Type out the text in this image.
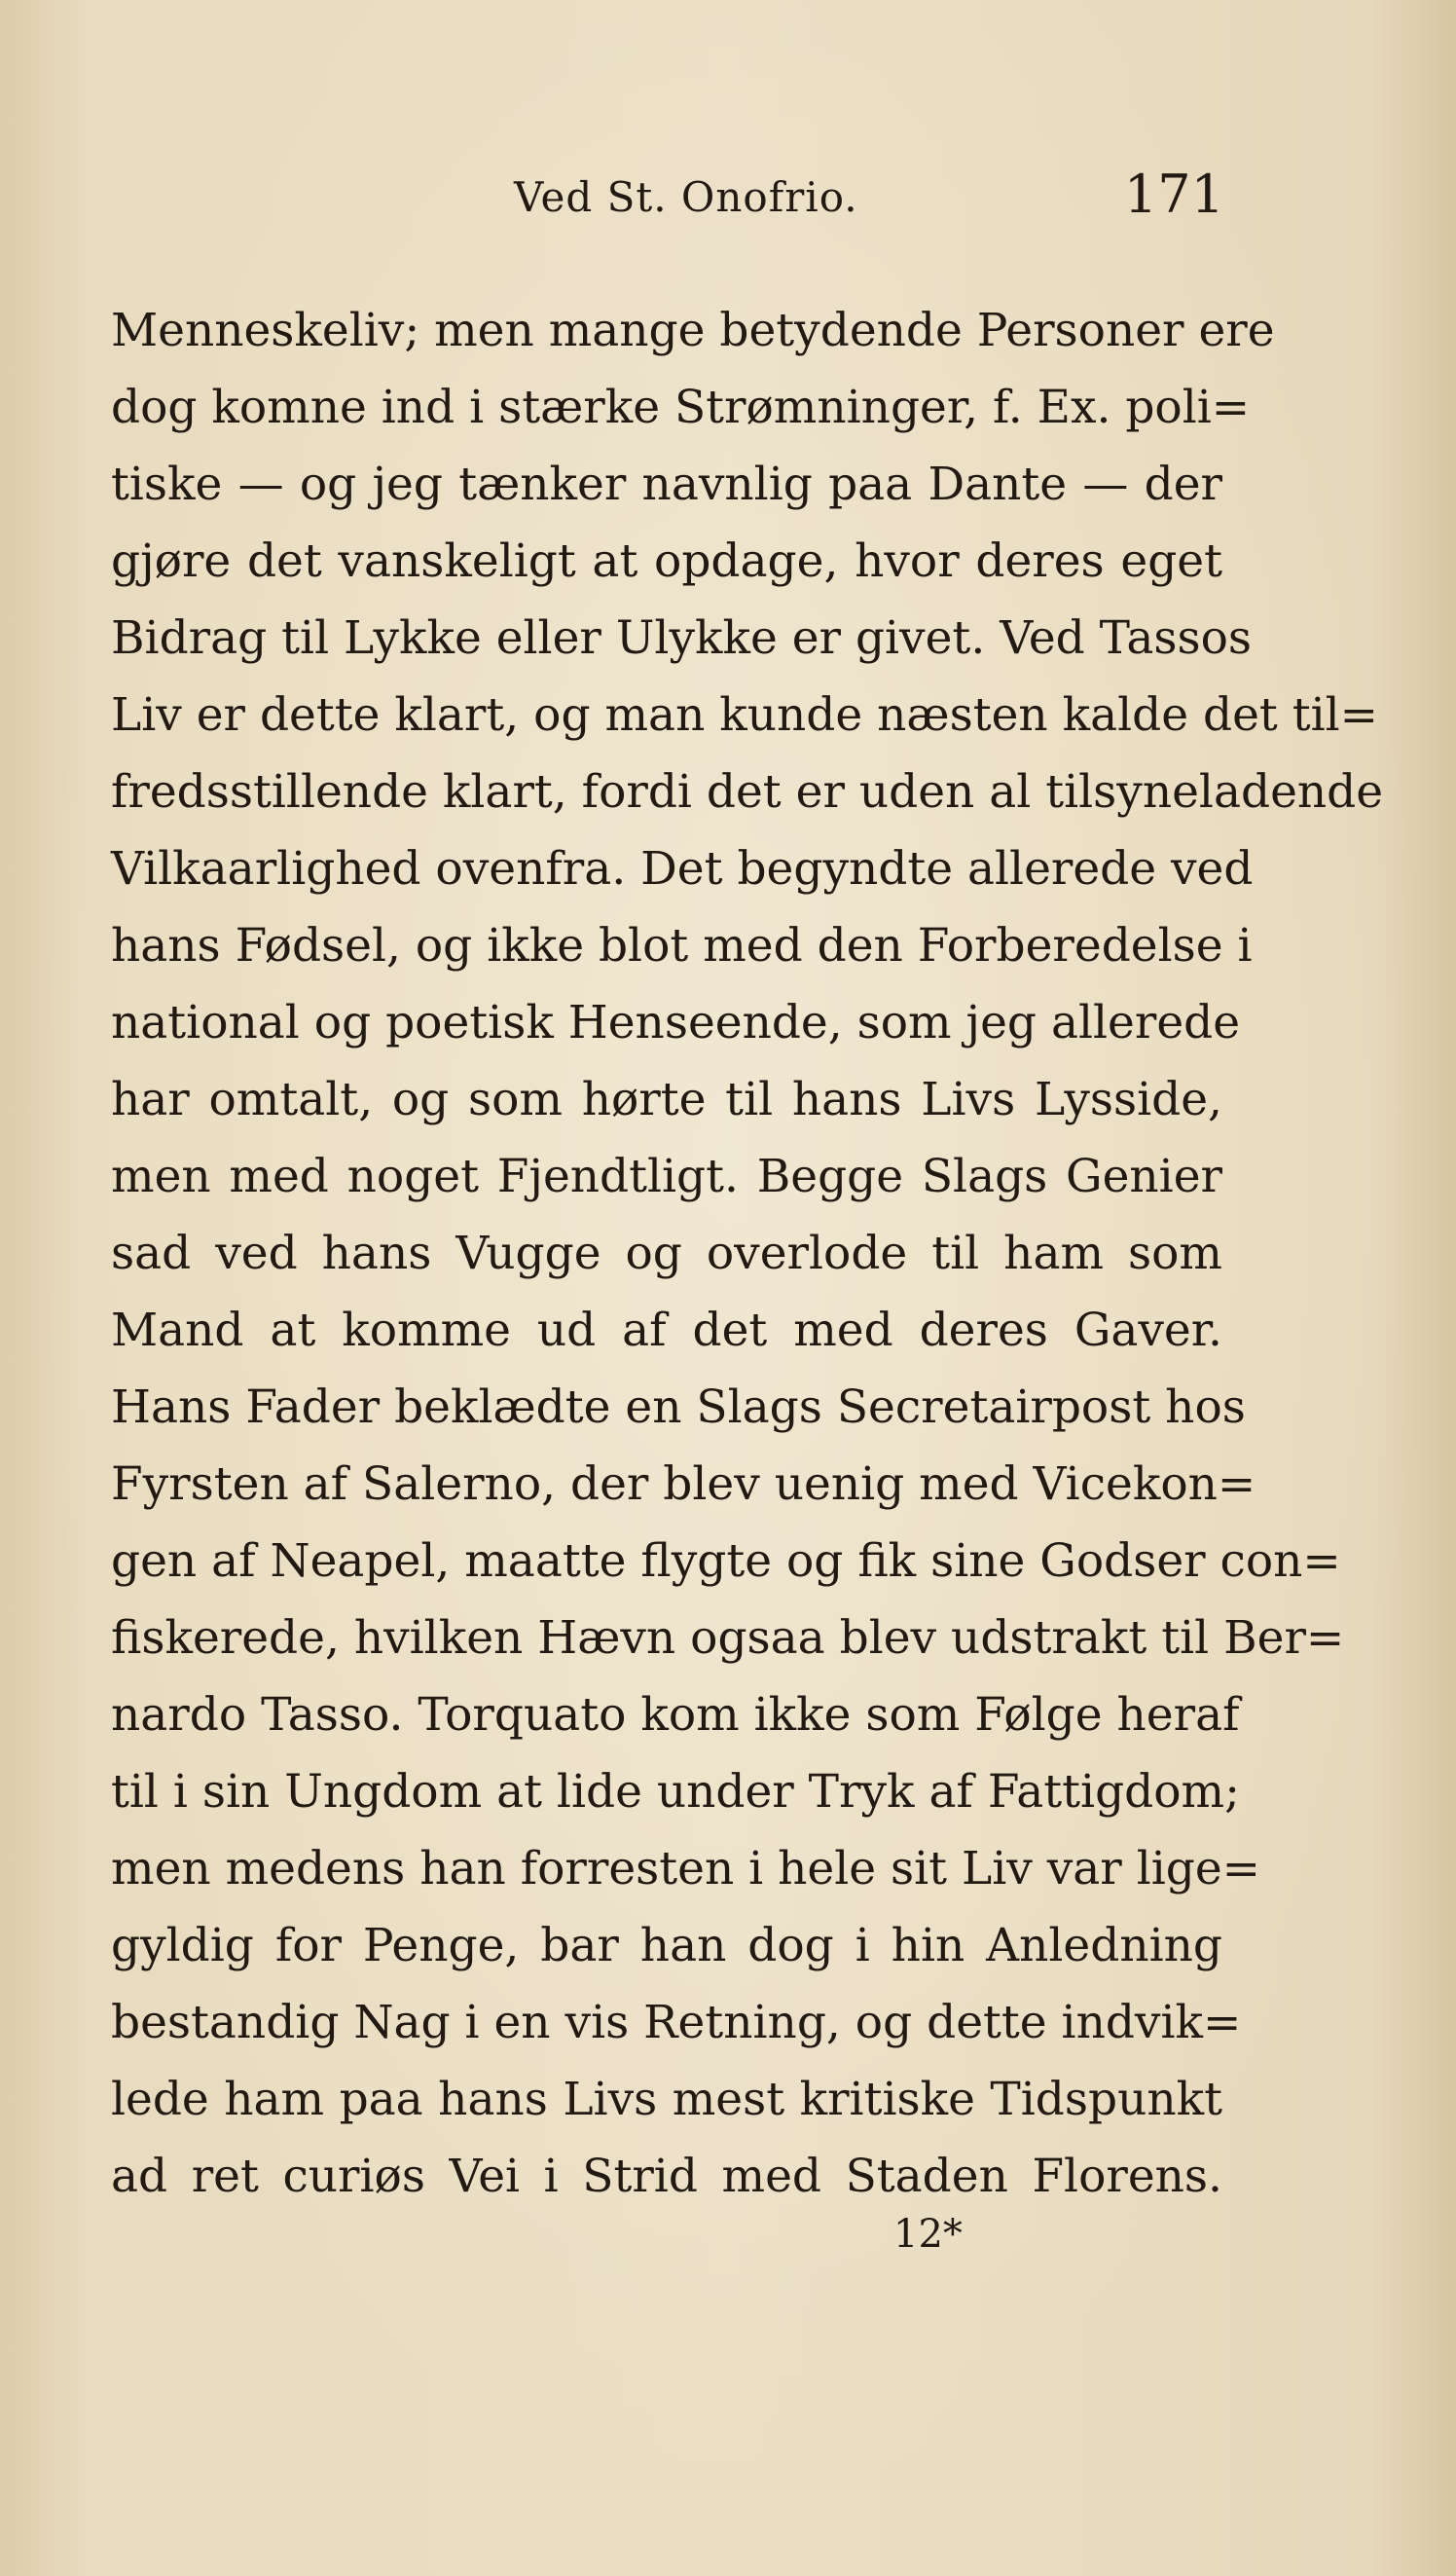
Ved St. Onofrio.	171
Menneskeliv; men mange betydende Personer ere
dog komne ind i stærke Strømninger, f. Ex. poli=
tiske — og jeg tænker navnlig paa Dante — der
gjøre det vanskeligt at opdage, hvor deres eget
Bidrag til Lykke eller Ulykke er givet. Ved Tassos
Liv er dette klart, og man kunde næsten kalde det til=
fredsstillende klart, fordi det er uden al tilsyneladende
Vilkaarlighed ovenfra. Det begyndte allerede ved
hans Fødsel, og ikke blot med den Forberedelse i
national og poetisk Henseende, som jeg allerede
har omtalt, og som hørte til hans Livs Lysside,
men med noget Fjendtligt. Begge Slags Genier
sad ved hans Vugge og overlode til ham som
Mand at komme ud af det med deres Gaver.
Hans Fader beklædte en Slags Secretairpost hos
Fyrsten af Salerno, der blev uenig med Vicekon=
gen af Neapel, maatte flygte og fik sine Godser con=
fiskerede, hvilken Hævn ogsaa blev udstrakt til Ber=
nardo Tasso. Torquato kom ikke som Følge heraf
til i sin Ungdom at lide under Tryk af Fattigdom;
men medens han forresten i hele sit Liv var lige=
gyldig for Penge, bar han dog i hin Anledning
bestandig Nag i en vis Retning, og dette indvik=
lede ham paa hans Livs mest kritiske Tidspunkt
ad ret curiøs Vei i Strid med Staden Florens.
12*
